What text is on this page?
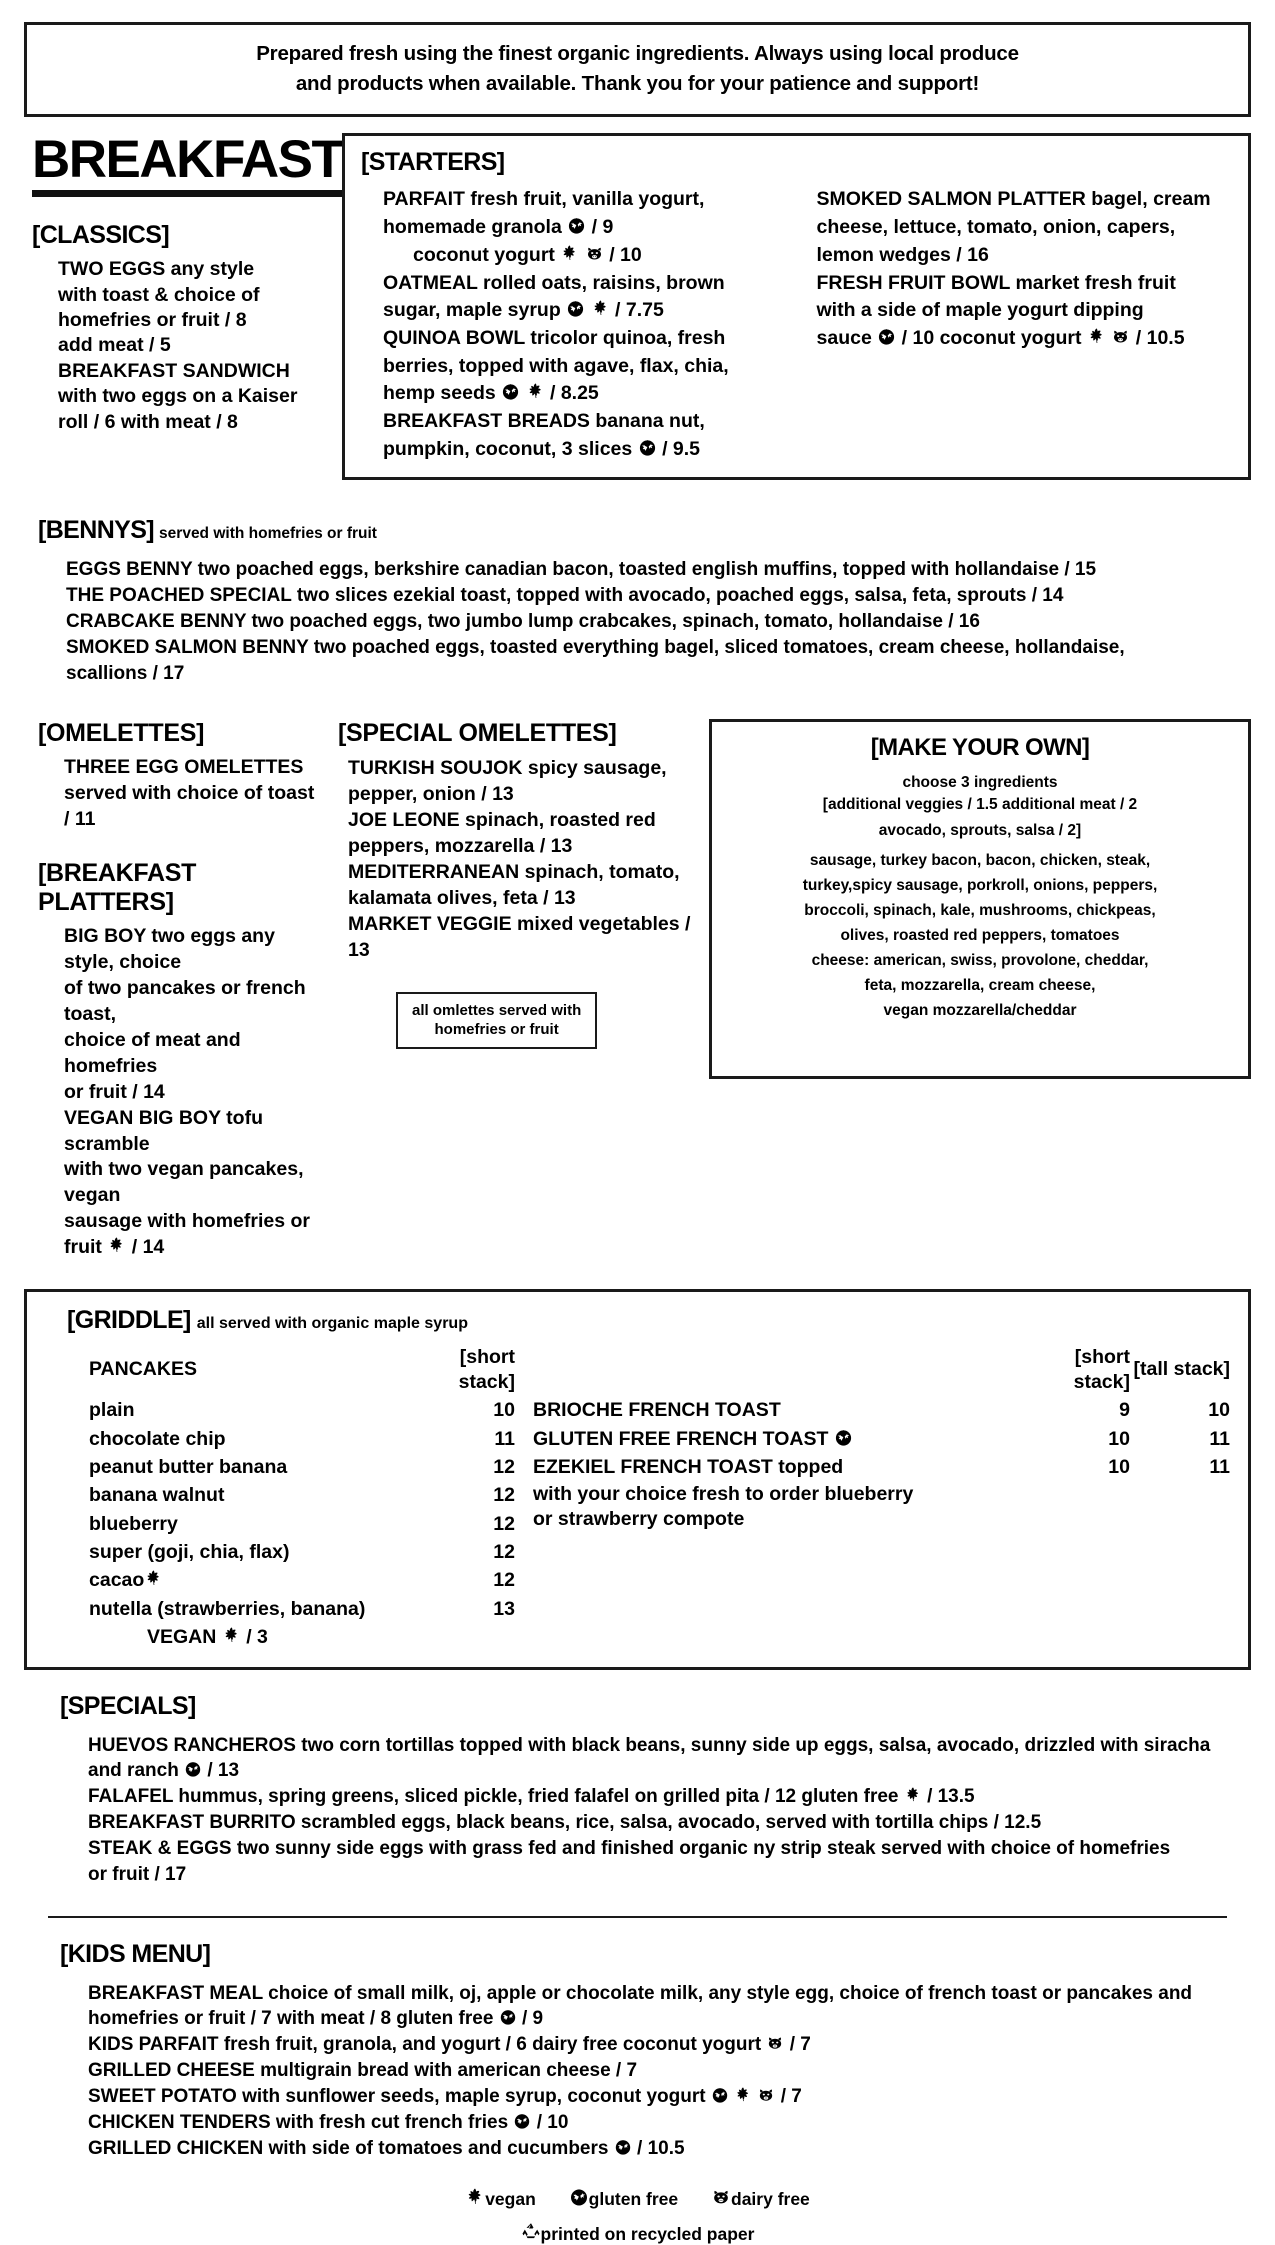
Prepared fresh using the finest organic ingredients. Always using local produce
and products when available. Thank you for your patience and support!
BREAKFAST
[CLASSICS]
TWO EGGS any style
with toast & choice of
homefries or fruit / 8
add meat / 5
BREAKFAST SANDWICH
with two eggs on a Kaiser
roll / 6 with meat / 8
[STARTERS]
PARFAIT fresh fruit, vanilla yogurt,
homemade granola / 9
coconut yogurt
	/ 10
OATMEAL rolled oats, raisins, brown
sugar, maple syrup
	/ 7.75
QUINOA BOWL tricolor quinoa, fresh
berries, topped with agave, flax, chia,
hemp seeds
	/ 8.25
BREAKFAST BREADS banana nut,
pumpkin, coconut, 3 slices / 9.5
SMOKED SALMON PLATTER bagel, cream
cheese, lettuce, tomato, onion, capers,
lemon wedges / 16
FRESH FRUIT BOWL market fresh fruit
with a side of maple yogurt dipping
sauce / 10 coconut yogurt
	/ 10.5
[BENNYS] served with homefries or fruit
EGGS BENNY two poached eggs, berkshire canadian bacon, toasted english muffins, topped with hollandaise / 15
THE POACHED SPECIAL two slices ezekial toast, topped with avocado, poached eggs, salsa, feta, sprouts / 14
CRABCAKE BENNY two poached eggs, two jumbo lump crabcakes, spinach, tomato, hollandaise / 16
SMOKED SALMON BENNY two poached eggs, toasted everything bagel, sliced tomatoes, cream cheese, hollandaise,
scallions / 17
[OMELETTES]
THREE EGG OMELETTES
served with choice of toast / 11
[BREAKFAST PLATTERS]
BIG BOY two eggs any style, choice
of two pancakes or french toast,
choice of meat and homefries
or fruit / 14
VEGAN BIG BOY tofu scramble
with two vegan pancakes, vegan
sausage with homefries or
fruit / 14
[SPECIAL OMELETTES]
TURKISH SOUJOK spicy sausage,
pepper, onion / 13
JOE LEONE spinach, roasted red
peppers, mozzarella / 13
MEDITERRANEAN spinach, tomato,
kalamata olives, feta / 13
MARKET VEGGIE mixed vegetables / 13
all omlettes served with
homefries or fruit
[MAKE YOUR OWN]
choose 3 ingredients
[additional veggies / 1.5 additional meat / 2
avocado, sprouts, salsa / 2]
sausage, turkey bacon, bacon, chicken, steak,
turkey,spicy sausage, porkroll, onions, peppers,
broccoli, spinach, kale, mushrooms, chickpeas,
olives, roasted red peppers, tomatoes
cheese: american, swiss, provolone, cheddar,
feta, mozzarella, cream cheese,
vegan mozzarella/cheddar
[GRIDDLE] all served with organic maple syrup
PANCAKES	[short stack]
plain	10
chocolate chip	11
peanut butter banana	12
banana walnut	12
blueberry	12
super (goji, chia, flax)	12
cacao	12
nutella (strawberries, banana)	13
VEGAN / 3
	[short stack]	[tall stack]
BRIOCHE FRENCH TOAST	9	10
GLUTEN FREE FRENCH TOAST	10	11
EZEKIEL FRENCH TOAST topped	10	11
with your choice fresh to order blueberry
or strawberry compote
[SPECIALS]
HUEVOS RANCHEROS two corn tortillas topped with black beans, sunny side up eggs, salsa, avocado, drizzled with siracha
and ranch / 13
FALAFEL hummus, spring greens, sliced pickle, fried falafel on grilled pita / 12 gluten free / 13.5
BREAKFAST BURRITO scrambled eggs, black beans, rice, salsa, avocado, served with tortilla chips / 12.5
STEAK & EGGS two sunny side eggs with grass fed and finished organic ny strip steak served with choice of homefries
or fruit / 17
[KIDS MENU]
BREAKFAST MEAL choice of small milk, oj, apple or chocolate milk, any style egg, choice of french toast or pancakes and
homefries or fruit / 7 with meat / 8 gluten free / 9
KIDS PARFAIT fresh fruit, granola, and yogurt / 6 dairy free coconut yogurt / 7
GRILLED CHEESE multigrain bread with american cheese / 7
SWEET POTATO with sunflower seeds, maple syrup, coconut yogurt

	/ 7
CHICKEN TENDERS with fresh cut french fries / 10
GRILLED CHICKEN with side of tomatoes and cucumbers / 10.5
vegan	gluten free	dairy free
printed on recycled paper
